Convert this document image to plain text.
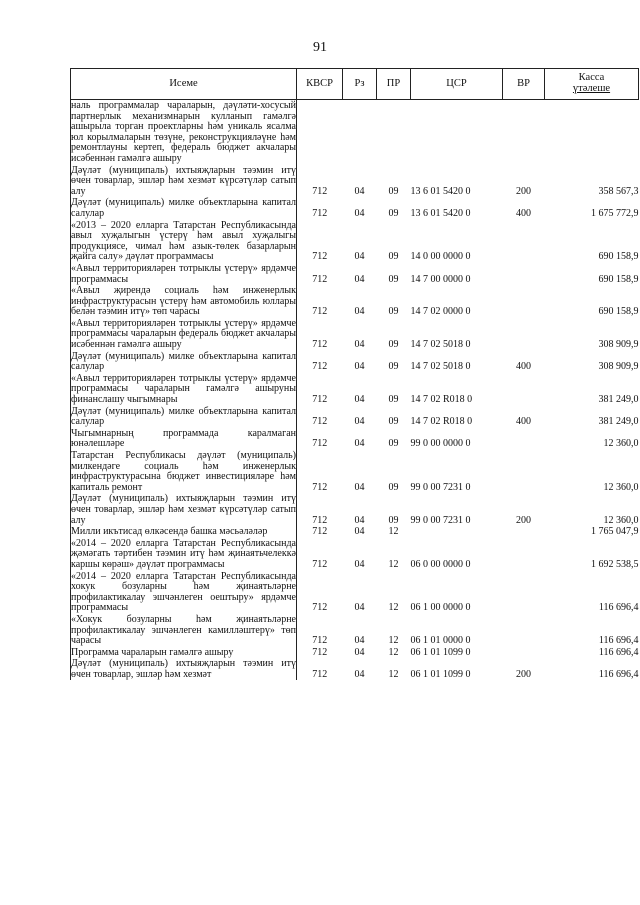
91
Исеме	КВСР	Рз	ПР	ЦСР	ВР	Касса
үтәлеше

наль программалар чараларын, дәүләти-хосусый партнерлык механизмнарын кулланып гамәлгә ашырыла торган проектларны һәм уникаль ясалма юл корылмаларын төзүне, реконструкцияләүне һәм ремонтлауны кертеп, федераль бюджет акчалары исәбеннән гамәлгә ашыру						

Дәүләт (муниципаль) ихтыяҗларын тәэмин итү өчен товарлар, эшләр һәм хезмәт күрсәтүләр сатып алу	712	04	09	13 6 01 5420 0	200	358 567,3

Дәүләт (муниципаль) милке объектларына капитал салулар	712	04	09	13 6 01 5420 0	400	1 675 772,9

«2013 – 2020 елларга Татарстан Республикасында авыл хуҗалыгын үстерү һәм авыл хуҗалыгы продукциясе, чимал һәм азык-төлек базарларын җайга салу» дәүләт программасы	712	04	09	14 0 00 0000 0		690 158,9

«Авыл территорияләрен тотрыклы үстерү» ярдәмче программасы	712	04	09	14 7 00 0000 0		690 158,9

«Авыл җирендә социаль һәм инженерлык инфраструктурасын үстерү һәм автомобиль юллары белән тәэмин итү» төп чарасы	712	04	09	14 7 02 0000 0		690 158,9

«Авыл территорияләрен тотрыклы үстерү» ярдәмче программасы чараларын федераль бюджет акчалары исәбеннән гамәлгә ашыру	712	04	09	14 7 02 5018 0		308 909,9

Дәүләт (муниципаль) милке объектларына капитал салулар	712	04	09	14 7 02 5018 0	400	308 909,9

«Авыл территорияләрен тотрыклы үстерү» ярдәмче программасы чараларын гамәлгә ашыруны финанслашу чыгымнары	712	04	09	14 7 02 R018 0		381 249,0

Дәүләт (муниципаль) милке объектларына капитал салулар	712	04	09	14 7 02 R018 0	400	381 249,0

Чыгымнарның программада каралмаган юнәлешләре	712	04	09	99 0 00 0000 0		12 360,0

Татарстан Республикасы дәүләт (муниципаль) милкендәге социаль һәм инженерлык инфраструктурасына бюджет инвестицияләре һәм капиталь ремонт	712	04	09	99 0 00 7231 0		12 360,0

Дәүләт (муниципаль) ихтыяҗларын тәэмин итү өчен товарлар, эшләр һәм хезмәт күрсәтүләр сатып алу	712	04	09	99 0 00 7231 0	200	12 360,0

Милли икътисад өлкәсендә башка мәсьәләләр	712	04	12			1 765 047,9

«2014 – 2020 елларга Татарстан Республикасында җәмәгать тәртибен тәэмин итү һәм җинаятьчелеккә каршы көрәш» дәүләт программасы	712	04	12	06 0 00 0000 0		1 692 538,5

«2014 – 2020 елларга Татарстан Республикасында хокук бозуларны һәм җинаятьләрне профилактикалау эшчәнлеген оештыру» ярдәмче программасы	712	04	12	06 1 00 0000 0		116 696,4

«Хокук бозуларны һәм җинаятьләрне профилактикалау эшчәнлеген камилләштерү» төп чарасы	712	04	12	06 1 01 0000 0		116 696,4

Программа чараларын гамәлгә ашыру	712	04	12	06 1 01 1099 0		116 696,4

Дәүләт (муниципаль) ихтыяҗларын тәэмин итү өчен товарлар, эшләр һәм хезмәт	712	04	12	06 1 01 1099 0	200	116 696,4
